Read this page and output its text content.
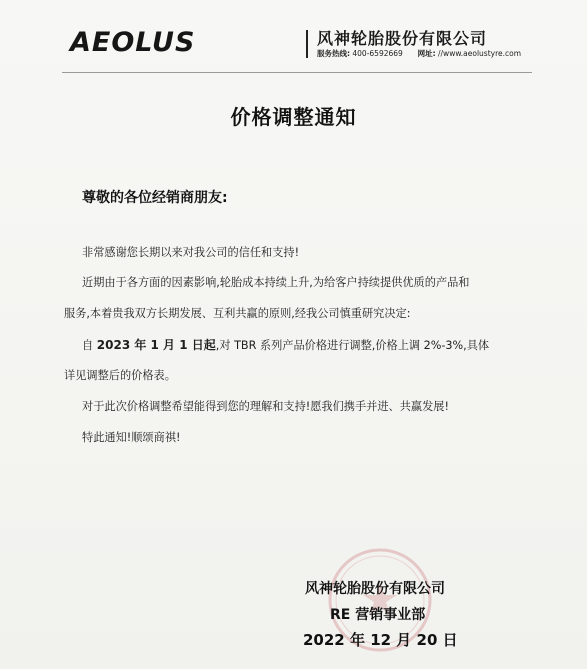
AEOLUS	风神轮胎股份有限公司
服务热线: 400-6592669 网址: //www.aeolustyre.com
价格调整通知
尊敬的各位经销商朋友:
非常感谢您长期以来对我公司的信任和支持!
近期由于各方面的因素影响,轮胎成本持续上升,为给客户持续提供优质的产品和
服务,本着贵我双方长期发展、互利共赢的原则,经我公司慎重研究决定:
自 2023 年 1 月 1 日起,对 TBR 系列产品价格进行调整,价格上调 2%-3%,具体
详见调整后的价格表。
对于此次价格调整希望能得到您的理解和支持!愿我们携手并进、共赢发展!
特此通知!顺颂商祺!
风神轮胎股份有限公司
RE 营销事业部
2022 年 12 月 20 日
